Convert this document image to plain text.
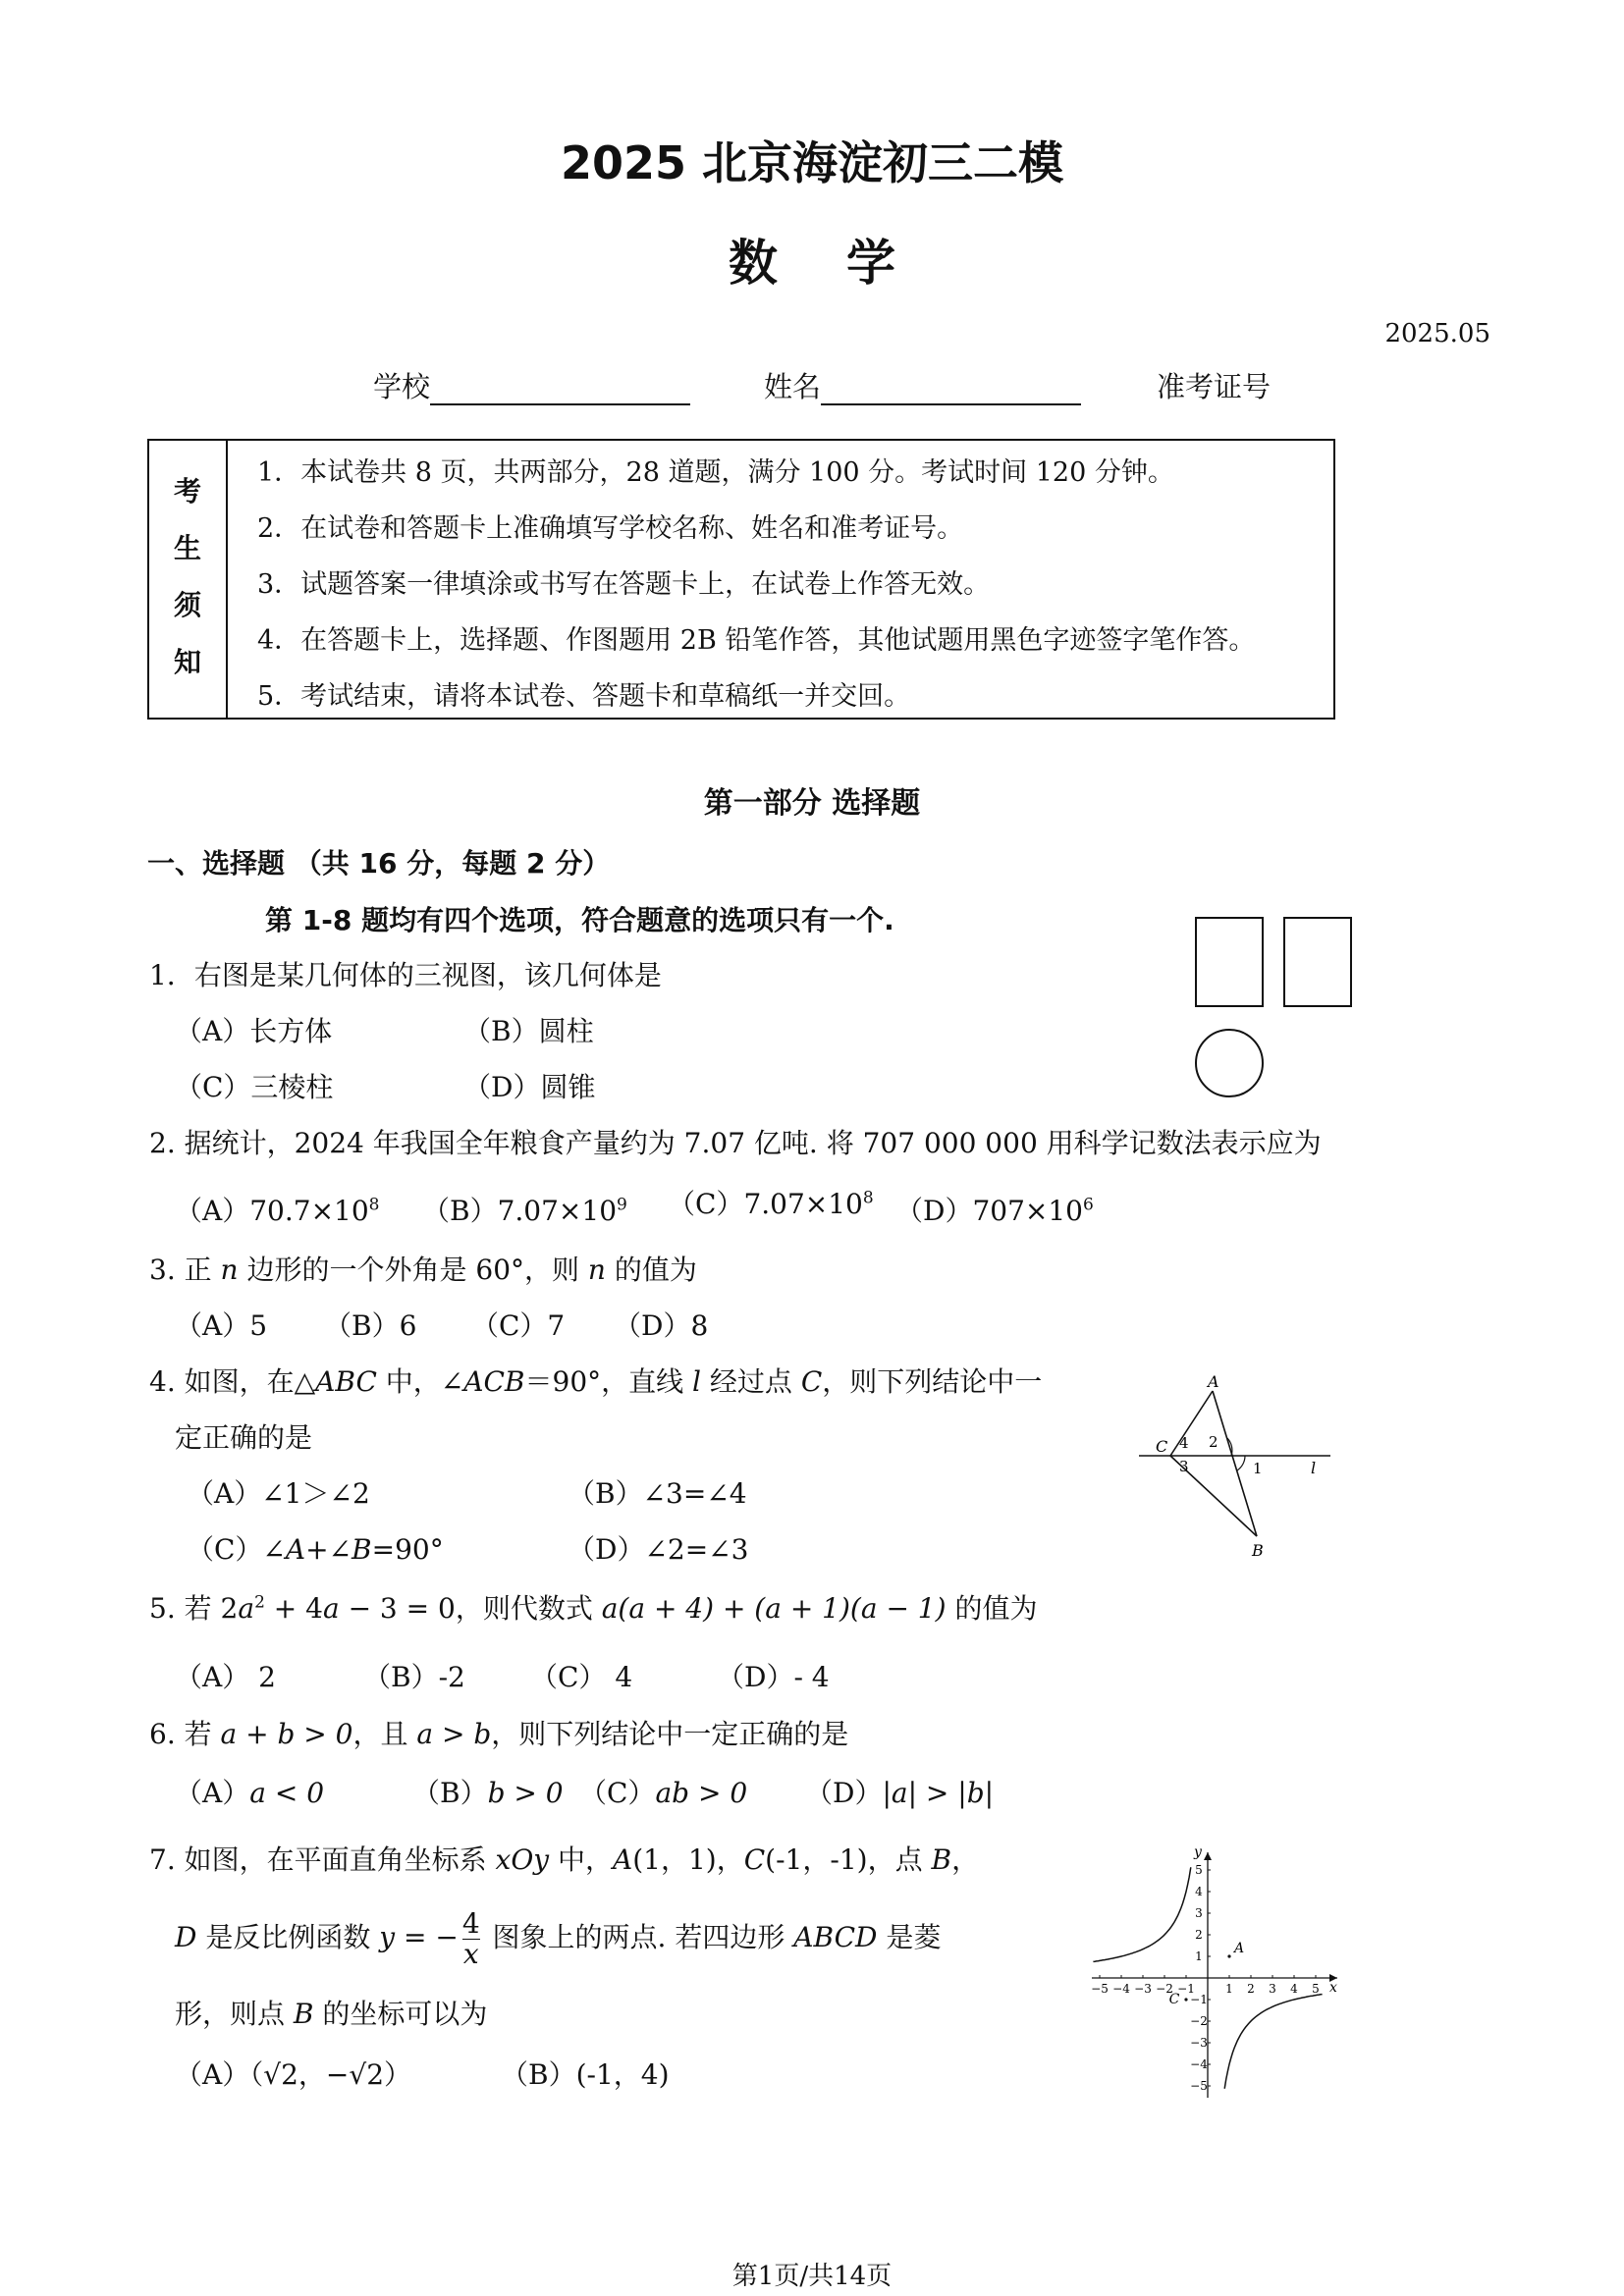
2025 北京海淀初三二模
数学
2025.05
学校	姓名	准考证号
考
生
须
知
1．本试卷共 8 页，共两部分，28 道题，满分 100 分。考试时间 120 分钟。
2．在试卷和答题卡上准确填写学校名称、姓名和准考证号。
3．试题答案一律填涂或书写在答题卡上，在试卷上作答无效。
4．在答题卡上，选择题、作图题用 2B 铅笔作答，其他试题用黑色字迹签字笔作答。
5．考试结束，请将本试卷、答题卡和草稿纸一并交回。
第一部分 选择题
一、选择题 （共 16 分，每题 2 分）
第 1-8 题均有四个选项，符合题意的选项只有一个.
1．右图是某几何体的三视图，该几何体是
（A）长方体	（B）圆柱
（C）三棱柱	（D）圆锥
2. 据统计，2024 年我国全年粮食产量约为 7.07 亿吨. 将 707 000 000 用科学记数法表示应为
$(A)70.7\times 10^8$ $(B)7.07\times 10^9$ $(C)7.07\times 10^8$ $(D)707\times 10^6$
3. 正 n 边形的一个外角是 60°，则 n 的值为
（A）5 （B）6 （C）7 （D）8
4. 如图，在△ABC 中，∠ACB＝90°，直线 l 经过点 C，则下列结论中一
定正确的是
（A）∠1＞∠2	（B）∠3=∠4
（C）∠A+∠B=90°	（D）∠2=∠3
A
B
C 4 2
3	1	l
5. 若 $2a^2 + 4a - 3 = 0$，则代数式 a(a + 4) + (a + 1)(a − 1) 的值为
（A） 2	（B）-2 （C） 4	（D）- 4
6. 若 a + b > 0，且 a > b，则下列结论中一定正确的是
（A）a < 0	（B）b > 0 （C）ab > 0 （D）|a| > |b|
7. 如图，在平面直角坐标系 xOy 中，A(1，1)，C(-1，-1)，点 B，
D 是反比例函数 y = − $\frac{4}{x}$ 图象上的两点. 若四边形 ABCD 是菱
形，则点 B 的坐标可以为
（A）（√2，−√2）	（B）(-1，4)
x
y
−5 −4 −3 −2 −1	1 2 3 4 5
5
4
3
2
1
−1
−2
−3
−4
−5
A
C
第1页/共14页
